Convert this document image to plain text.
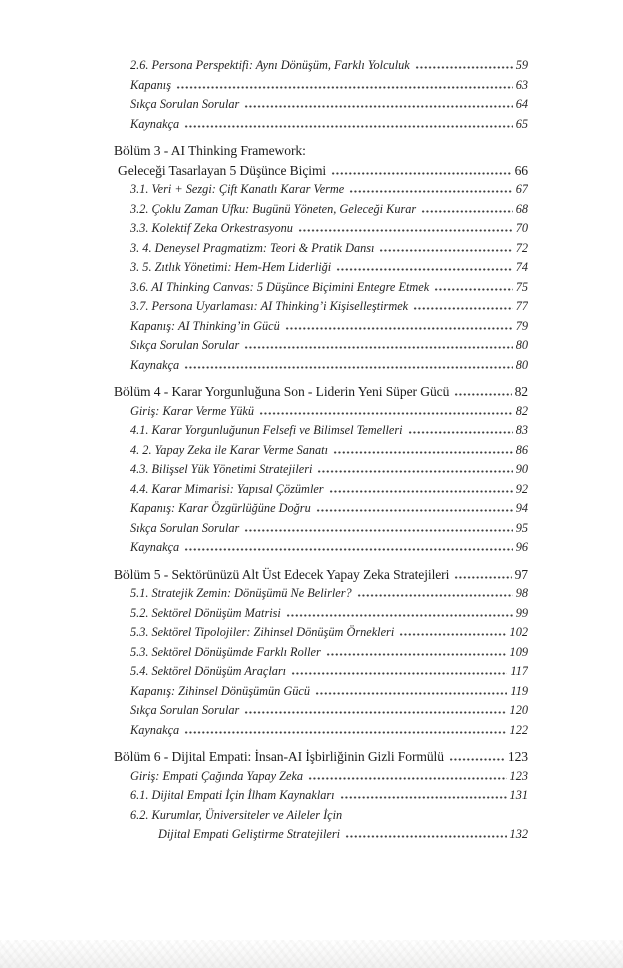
2.6. Persona Perspektifi: Aynı Dönüşüm, Farklı Yolculuk	59
Kapanış	63
Sıkça Sorulan Sorular	64
Kaynakça	65
Bölüm 3 - AI Thinking Framework:
Geleceği Tasarlayan 5 Düşünce Biçimi	66
3.1. Veri + Sezgi: Çift Kanatlı Karar Verme	67
3.2. Çoklu Zaman Ufku: Bugünü Yöneten, Geleceği Kurar	68
3.3. Kolektif Zeka Orkestrasyonu	70
3. 4. Deneysel Pragmatizm: Teori & Pratik Dansı	72
3. 5. Zıtlık Yönetimi: Hem-Hem Liderliği	74
3.6. AI Thinking Canvas: 5 Düşünce Biçimini Entegre Etmek	75
3.7. Persona Uyarlaması: AI Thinking’i Kişiselleştirmek	77
Kapanış: AI Thinking’in Gücü	79
Sıkça Sorulan Sorular	80
Kaynakça	80
Bölüm 4 - Karar Yorgunluğuna Son - Liderin Yeni Süper Gücü	82
Giriş: Karar Verme Yükü	82
4.1. Karar Yorgunluğunun Felsefi ve Bilimsel Temelleri	83
4. 2. Yapay Zeka ile Karar Verme Sanatı	86
4.3. Bilişsel Yük Yönetimi Stratejileri	90
4.4. Karar Mimarisi: Yapısal Çözümler	92
Kapanış: Karar Özgürlüğüne Doğru	94
Sıkça Sorulan Sorular	95
Kaynakça	96
Bölüm 5 - Sektörünüzü Alt Üst Edecek Yapay Zeka Stratejileri	97
5.1. Stratejik Zemin: Dönüşümü Ne Belirler?	98
5.2. Sektörel Dönüşüm Matrisi	99
5.3. Sektörel Tipolojiler: Zihinsel Dönüşüm Örnekleri	102
5.3. Sektörel Dönüşümde Farklı Roller	109
5.4. Sektörel Dönüşüm Araçları	117
Kapanış: Zihinsel Dönüşümün Gücü	119
Sıkça Sorulan Sorular	120
Kaynakça	122
Bölüm 6 - Dijital Empati: İnsan-AI İşbirliğinin Gizli Formülü	123
Giriş: Empati Çağında Yapay Zeka	123
6.1. Dijital Empati İçin İlham Kaynakları	131
6.2. Kurumlar, Üniversiteler ve Aileler İçin
Dijital Empati Geliştirme Stratejileri	132
